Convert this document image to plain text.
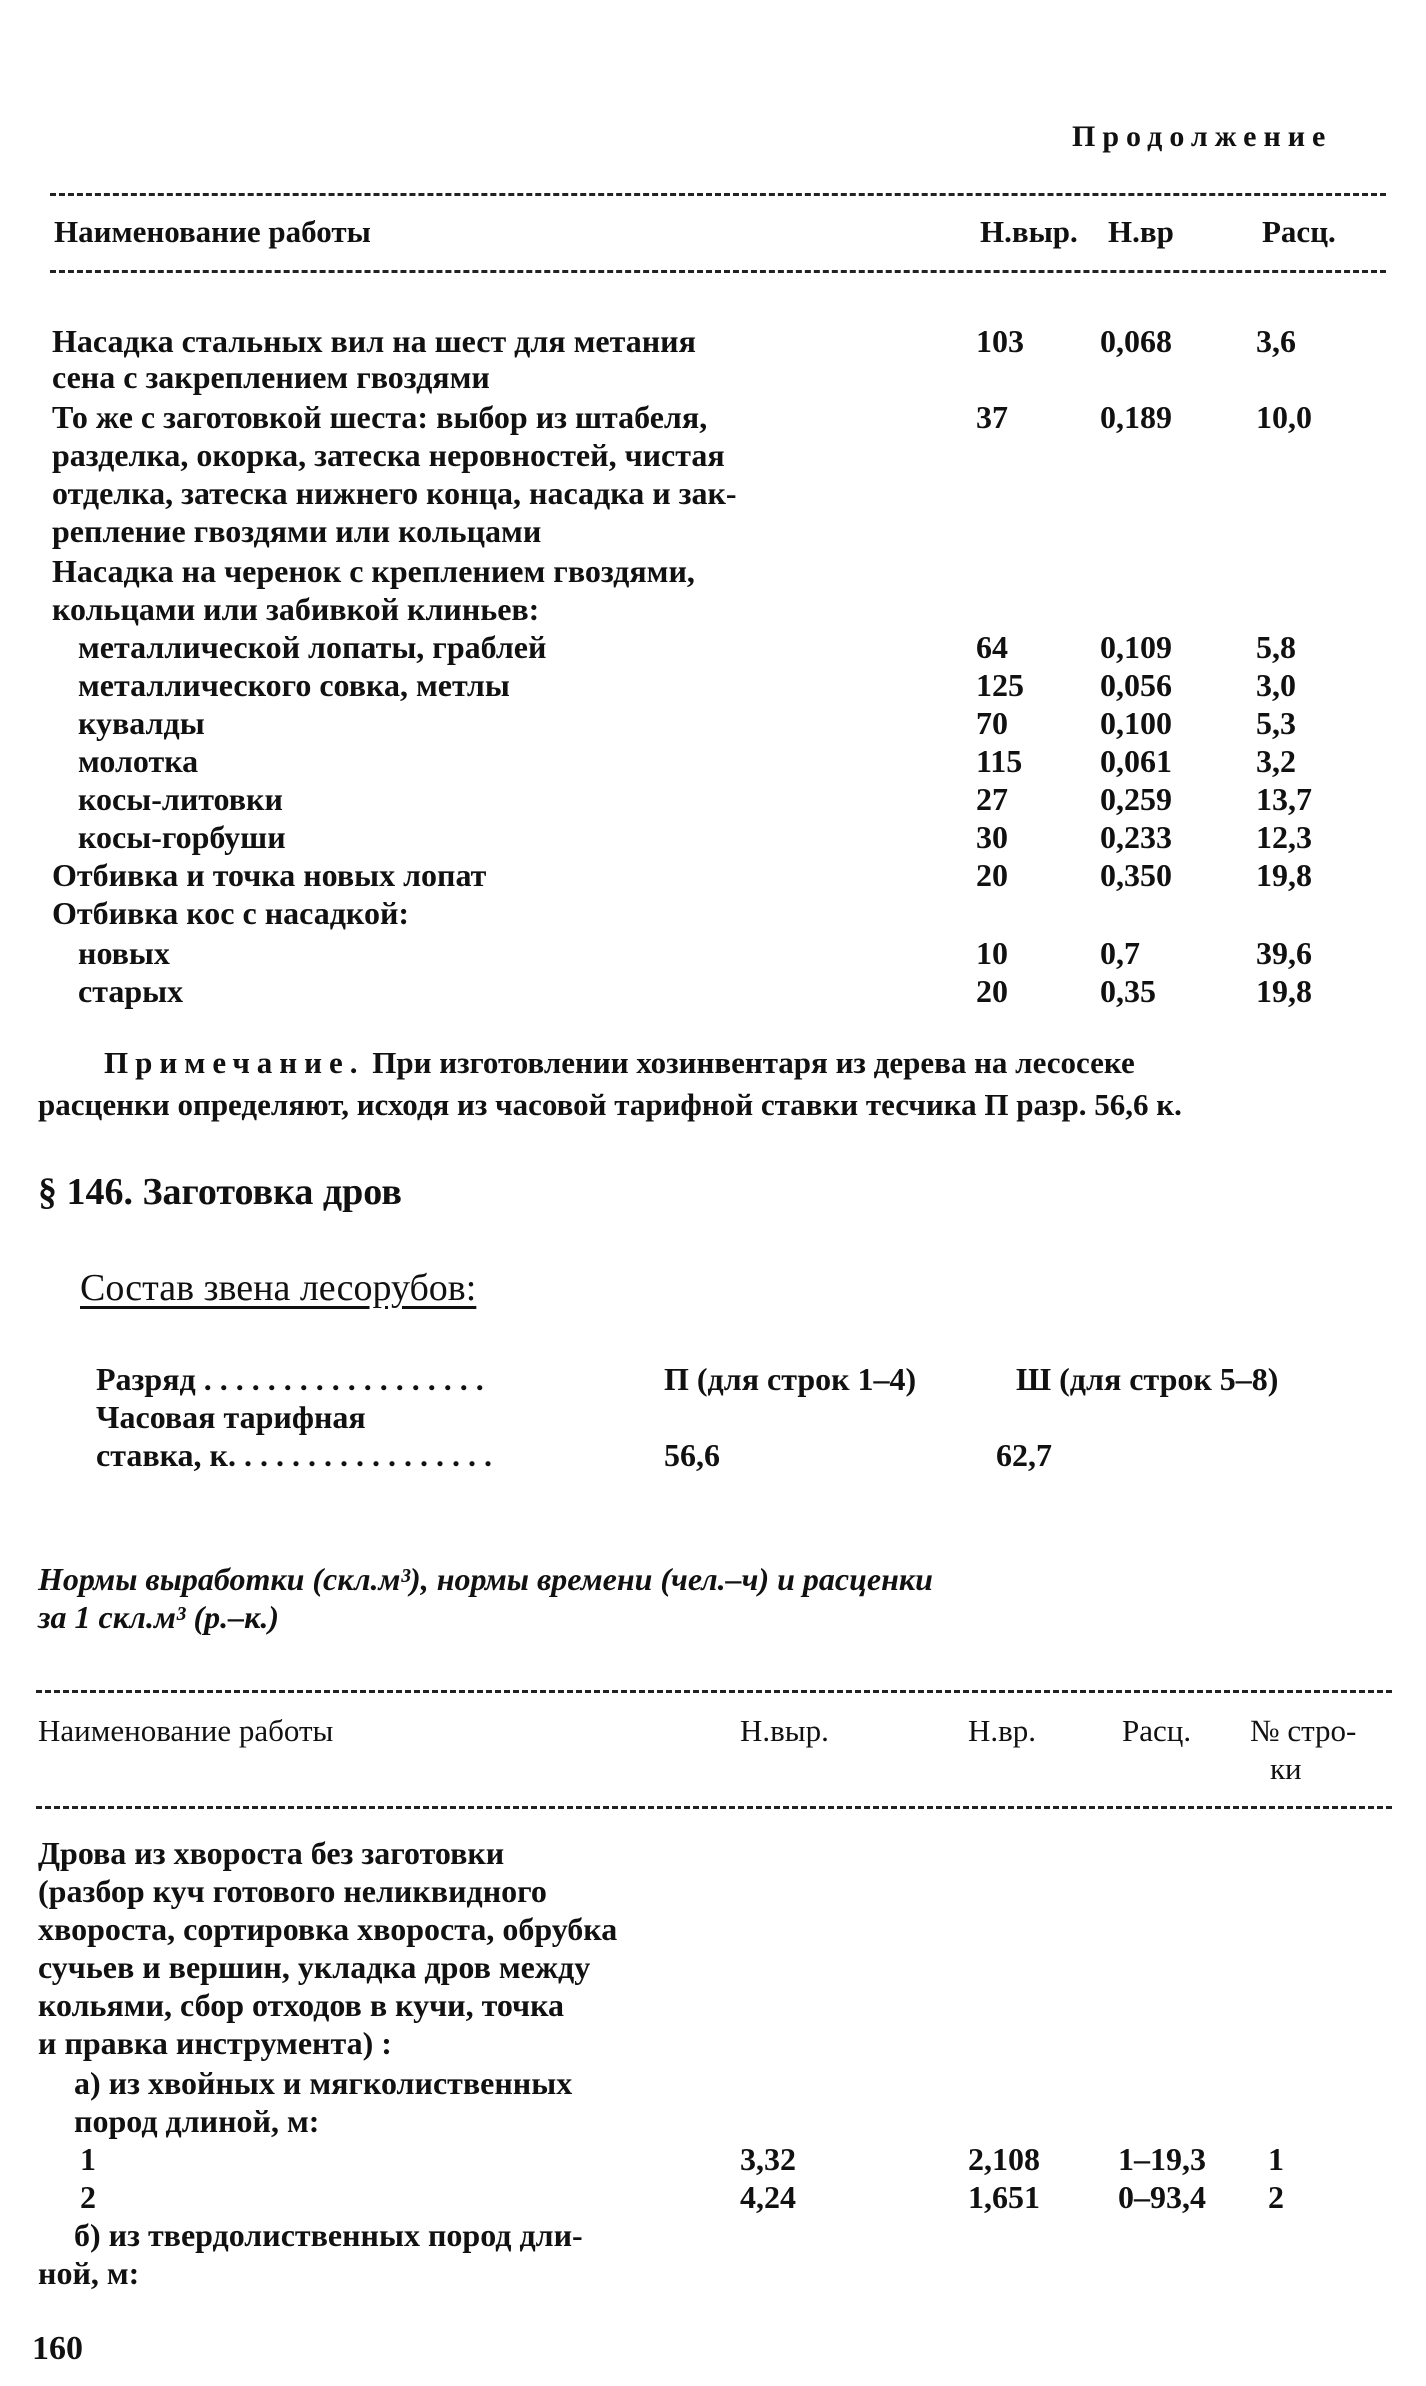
Продолжение
Наименование работы	Н.выр. Н.вр	Расц.
Насадка стальных вил на шест для метания	103 0,068	3,6
сена с закреплением гвоздями
То же с заготовкой шеста: выбор из штабеля,	37	0,189	10,0
разделка, окорка, затеска неровностей, чистая
отделка, затеска нижнего конца, насадка и зак-
репление гвоздями или кольцами
Насадка на черенок с креплением гвоздями,
кольцами или забивкой клиньев:
металлической лопаты, граблей	64	0,109	5,8
металлического совка, метлы	125 0,056	3,0
кувалды	70	0,100	5,3
молотка	115 0,061	3,2
косы-литовки	27	0,259	13,7
косы-горбуши	30	0,233	12,3
Отбивка и точка новых лопат	20	0,350	19,8
Отбивка кос с насадкой:
новых	10	0,7	39,6
старых	20	0,35	19,8
Примечание. При изготовлении хозинвентаря из дерева на лесосеке
расценки определяют, исходя из часовой тарифной ставки тесчика П разр. 56,6 к.
§ 146. Заготовка дров
Состав звена лесорубов:
Разряд . . . . . . . . . . . . . . . . . .	П (для строк 1–4)	Ш (для строк 5–8)
Часовая тарифная
ставка, к. . . . . . . . . . . . . . . . .	56,6	62,7
Нормы выработки (скл.м³), нормы времени (чел.–ч) и расценки
за 1 скл.м³ (р.–к.)
Наименование работы	Н.выр.	Н.вр.	Расц. № стро-
ки
Дрова из хвороста без заготовки
(разбор куч готового неликвидного
хвороста, сортировка хвороста, обрубка
сучьев и вершин, укладка дров между
кольями, сбор отходов в кучи, точка
и правка инструмента) :
а) из хвойных и мягколиственных
пород длиной, м:
1	3,32	2,108 1–19,3 1
2	4,24	1,651 0–93,4 2
б) из твердолиственных пород дли-
ной, м:
160
